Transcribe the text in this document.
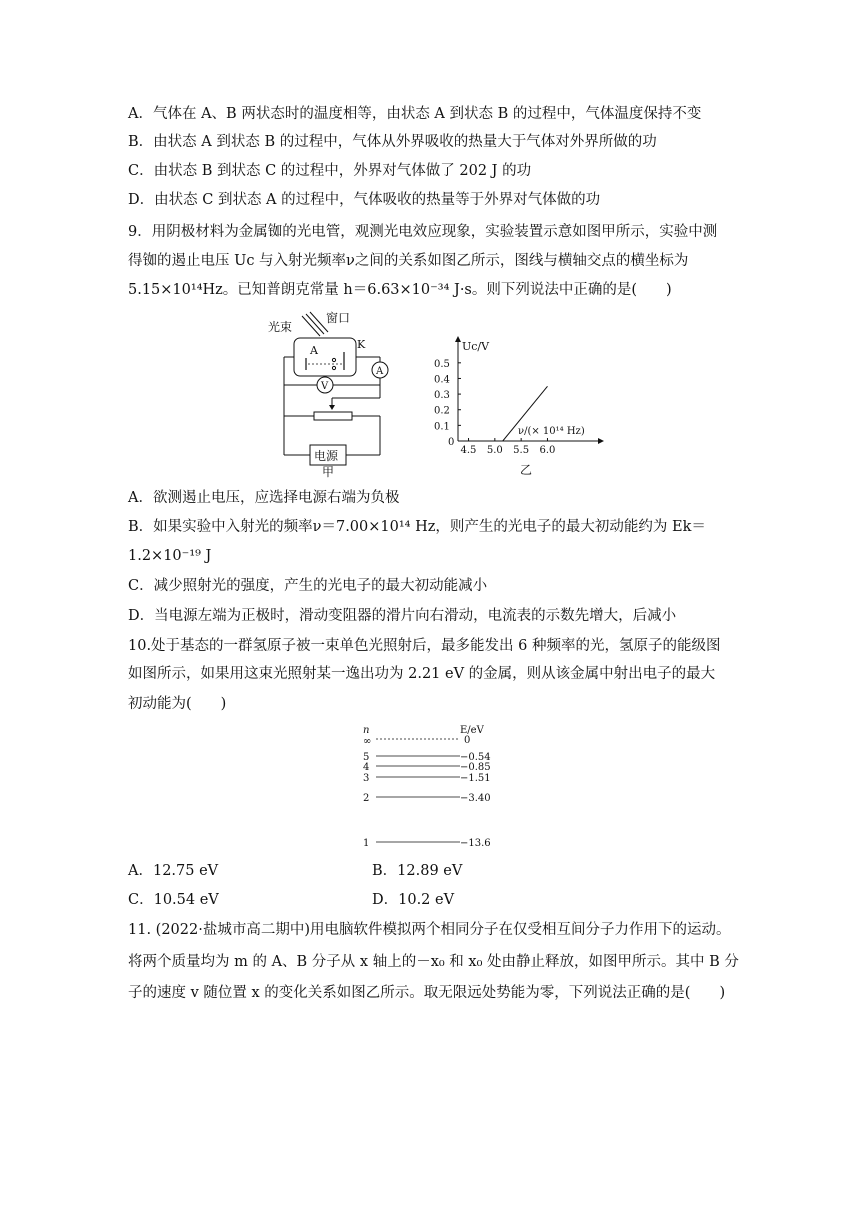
A．气体在 A、B 两状态时的温度相等，由状态 A 到状态 B 的过程中，气体温度保持不变
B．由状态 A 到状态 B 的过程中，气体从外界吸收的热量大于气体对外界所做的功
C．由状态 B 到状态 C 的过程中，外界对气体做了 202 J 的功
D．由状态 C 到状态 A 的过程中，气体吸收的热量等于外界对气体做的功
9．用阴极材料为金属铷的光电管，观测光电效应现象，实验装置示意如图甲所示，实验中测
得铷的遏止电压 Uc 与入射光频率ν之间的关系如图乙所示，图线与横轴交点的横坐标为
5.15×10¹⁴Hz。已知普朗克常量 h＝6.63×10⁻³⁴ J·s。则下列说法中正确的是(　　)
光束
窗口
A	K
A
V
电源
甲
0.5
0.4
0.3
0.2
0.1
0
4.5 5.0 5.5 6.0
Uc/V
ν/(× 10¹⁴ Hz)
乙
A．欲测遏止电压，应选择电源右端为负极
B．如果实验中入射光的频率ν＝7.00×10¹⁴ Hz，则产生的光电子的最大初动能约为 Ek＝
1.2×10⁻¹⁹ J
C．减少照射光的强度，产生的光电子的最大初动能减小
D．当电源左端为正极时，滑动变阻器的滑片向右滑动，电流表的示数先增大，后减小
10.处于基态的一群氢原子被一束单色光照射后，最多能发出 6 种频率的光，氢原子的能级图
如图所示，如果用这束光照射某一逸出功为 2.21 eV 的金属，则从该金属中射出电子的最大
初动能为(　　)
n	E/eV
∞	0
5	−0.54
4	−0.85
3	−1.51
2	−3.40
1	−13.6
A．12.75 eV	B．12.89 eV
C．10.54 eV	D．10.2 eV
11. (2022·盐城市高二期中)用电脑软件模拟两个相同分子在仅受相互间分子力作用下的运动。
将两个质量均为 m 的 A、B 分子从 x 轴上的－x₀ 和 x₀ 处由静止释放，如图甲所示。其中 B 分
子的速度 v 随位置 x 的变化关系如图乙所示。取无限远处势能为零，下列说法正确的是(　　)
